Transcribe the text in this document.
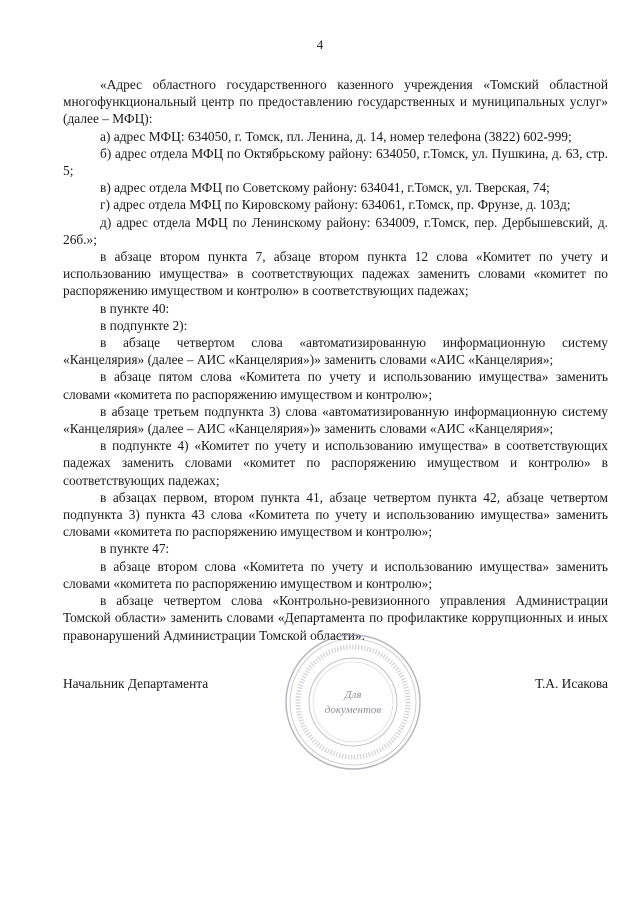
4

«Адрес областного государственного казенного учреждения «Томский областной многофункциональный центр по предоставлению государственных и муниципальных услуг» (далее – МФЦ):

а) адрес МФЦ: 634050, г. Томск, пл. Ленина, д. 14, номер телефона (3822) 602-999;

б) адрес отдела МФЦ по Октябрьскому району: 634050, г.Томск, ул. Пушкина, д. 63, стр. 5;

в) адрес отдела МФЦ по Советскому району: 634041, г.Томск, ул. Тверская, 74;

г) адрес отдела МФЦ по Кировскому району: 634061, г.Томск, пр. Фрунзе, д. 103д;

д) адрес отдела МФЦ по Ленинскому району: 634009, г.Томск, пер. Дербышевский, д. 26б.»;

в абзаце втором пункта 7, абзаце втором пункта 12 слова «Комитет по учету и использованию имущества» в соответствующих падежах заменить словами «комитет по распоряжению имуществом и контролю» в соответствующих падежах;

в пункте 40:

в подпункте 2):

в абзаце четвертом слова «автоматизированную информационную систему «Канцелярия» (далее – АИС «Канцелярия»)» заменить словами «АИС «Канцелярия»;

в абзаце пятом слова «Комитета по учету и использованию имущества» заменить словами «комитета по распоряжению имуществом и контролю»;

в абзаце третьем подпункта 3) слова «автоматизированную информационную систему «Канцелярия» (далее – АИС «Канцелярия»)» заменить словами «АИС «Канцелярия»;

в подпункте 4) «Комитет по учету и использованию имущества» в соответствующих падежах заменить словами «комитет по распоряжению имуществом и контролю» в соответствующих падежах;

в абзацах первом, втором пункта 41, абзаце четвертом пункта 42, абзаце четвертом подпункта 3) пункта 43 слова «Комитета по учету и использованию имущества» заменить словами «комитета по распоряжению имуществом и контролю»;

в пункте 47:

в абзаце втором слова «Комитета по учету и использованию имущества» заменить словами «комитета по распоряжению имуществом и контролю»;

в абзаце четвертом слова «Контрольно-ревизионного управления Администрации Томской области» заменить словами «Департамента по профилактике коррупционных и иных правонарушений Администрации Томской области».

Начальник Департамента	Т.А. Исакова
Для
документов
